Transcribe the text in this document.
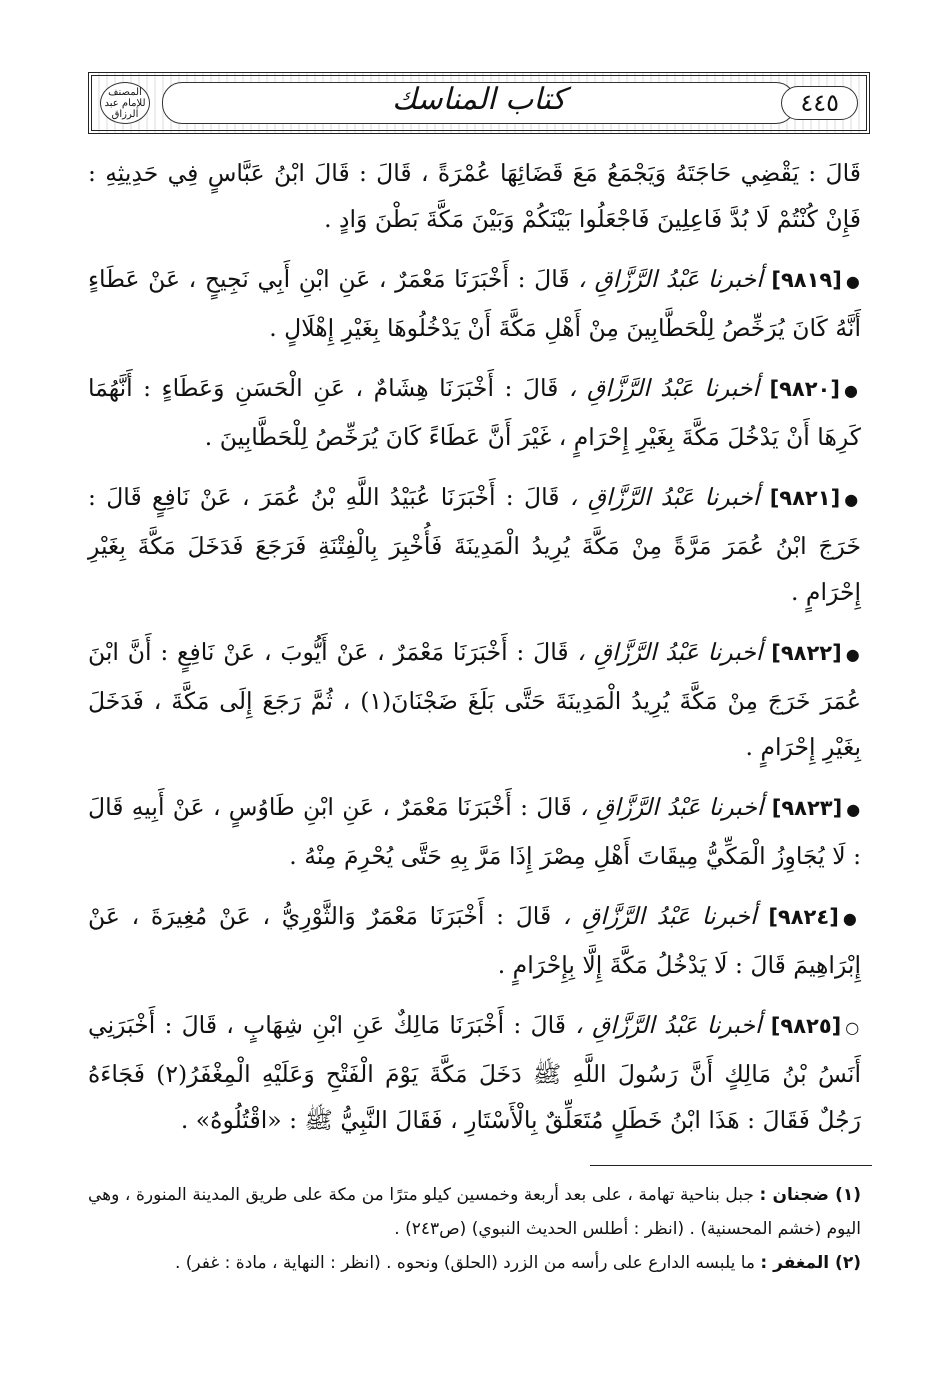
المصنف للإمام عبد الرزاق	كتاب المناسك	٤٤٥

قَالَ : يَقْضِي حَاجَتَهُ وَيَجْمَعُ مَعَ قَضَائِهَا عُمْرَةً ، قَالَ : قَالَ ابْنُ عَبَّاسٍ فِي حَدِيثِهِ : فَإِنْ كُنْتُمْ لَا بُدَّ فَاعِلِينَ فَاجْعَلُوا بَيْنَكُمْ وَبَيْنَ مَكَّةَ بَطْنَ وَادٍ .

●[٩٨١٩] أخبرنا عَبْدُ الرَّزَّاقِ ، قَالَ : أَخْبَرَنَا مَعْمَرٌ ، عَنِ ابْنِ أَبِي نَجِيحٍ ، عَنْ عَطَاءٍ أَنَّهُ كَانَ يُرَخِّصُ لِلْحَطَّابِينَ مِنْ أَهْلِ مَكَّةَ أَنْ يَدْخُلُوهَا بِغَيْرِ إِهْلَالٍ .

●[٩٨٢٠] أخبرنا عَبْدُ الرَّزَّاقِ ، قَالَ : أَخْبَرَنَا هِشَامٌ ، عَنِ الْحَسَنِ وَعَطَاءٍ : أَنَّهُمَا كَرِهَا أَنْ يَدْخُلَ مَكَّةَ بِغَيْرِ إِحْرَامٍ ، غَيْرَ أَنَّ عَطَاءً كَانَ يُرَخِّصُ لِلْحَطَّابِينَ .

●[٩٨٢١] أخبرنا عَبْدُ الرَّزَّاقِ ، قَالَ : أَخْبَرَنَا عُبَيْدُ اللَّهِ بْنُ عُمَرَ ، عَنْ نَافِعٍ قَالَ : خَرَجَ ابْنُ عُمَرَ مَرَّةً مِنْ مَكَّةَ يُرِيدُ الْمَدِينَةَ فَأُخْبِرَ بِالْفِتْنَةِ فَرَجَعَ فَدَخَلَ مَكَّةَ بِغَيْرِ إِحْرَامٍ .

●[٩٨٢٢] أخبرنا عَبْدُ الرَّزَّاقِ ، قَالَ : أَخْبَرَنَا مَعْمَرٌ ، عَنْ أَيُّوبَ ، عَنْ نَافِعٍ : أَنَّ ابْنَ عُمَرَ خَرَجَ مِنْ مَكَّةَ يُرِيدُ الْمَدِينَةَ حَتَّى بَلَغَ ضَجْنَانَ(١) ، ثُمَّ رَجَعَ إِلَى مَكَّةَ ، فَدَخَلَ بِغَيْرِ إِحْرَامٍ .

●[٩٨٢٣] أخبرنا عَبْدُ الرَّزَّاقِ ، قَالَ : أَخْبَرَنَا مَعْمَرٌ ، عَنِ ابْنِ طَاوُسٍ ، عَنْ أَبِيهِ قَالَ : لَا يُجَاوِزُ الْمَكِّيُّ مِيقَاتَ أَهْلِ مِصْرَ إِذَا مَرَّ بِهِ حَتَّى يُحْرِمَ مِنْهُ .

●[٩٨٢٤] أخبرنا عَبْدُ الرَّزَّاقِ ، قَالَ : أَخْبَرَنَا مَعْمَرٌ وَالثَّوْرِيُّ ، عَنْ مُغِيرَةَ ، عَنْ إِبْرَاهِيمَ قَالَ : لَا يَدْخُلُ مَكَّةَ إِلَّا بِإِحْرَامٍ .

○[٩٨٢٥] أخبرنا عَبْدُ الرَّزَّاقِ ، قَالَ : أَخْبَرَنَا مَالِكٌ عَنِ ابْنِ شِهَابٍ ، قَالَ : أَخْبَرَنِي أَنَسُ بْنُ مَالِكٍ أَنَّ رَسُولَ اللَّهِ ﷺ دَخَلَ مَكَّةَ يَوْمَ الْفَتْحِ وَعَلَيْهِ الْمِغْفَرُ(٢) فَجَاءَهُ رَجُلٌ فَقَالَ : هَذَا ابْنُ خَطَلٍ مُتَعَلِّقٌ بِالْأَسْتَارِ ، فَقَالَ النَّبِيُّ ﷺ : «اقْتُلُوهُ» .

(١) ضجنان : جبل بناحية تهامة ، على بعد أربعة وخمسين كيلو مترًا من مكة على طريق المدينة المنورة ، وهي اليوم (خشم المحسنية) . (انظر : أطلس الحديث النبوي) (ص٢٤٣) .

(٢) المغفر : ما يلبسه الدارع على رأسه من الزرد (الحلق) ونحوه . (انظر : النهاية ، مادة : غفر) .
